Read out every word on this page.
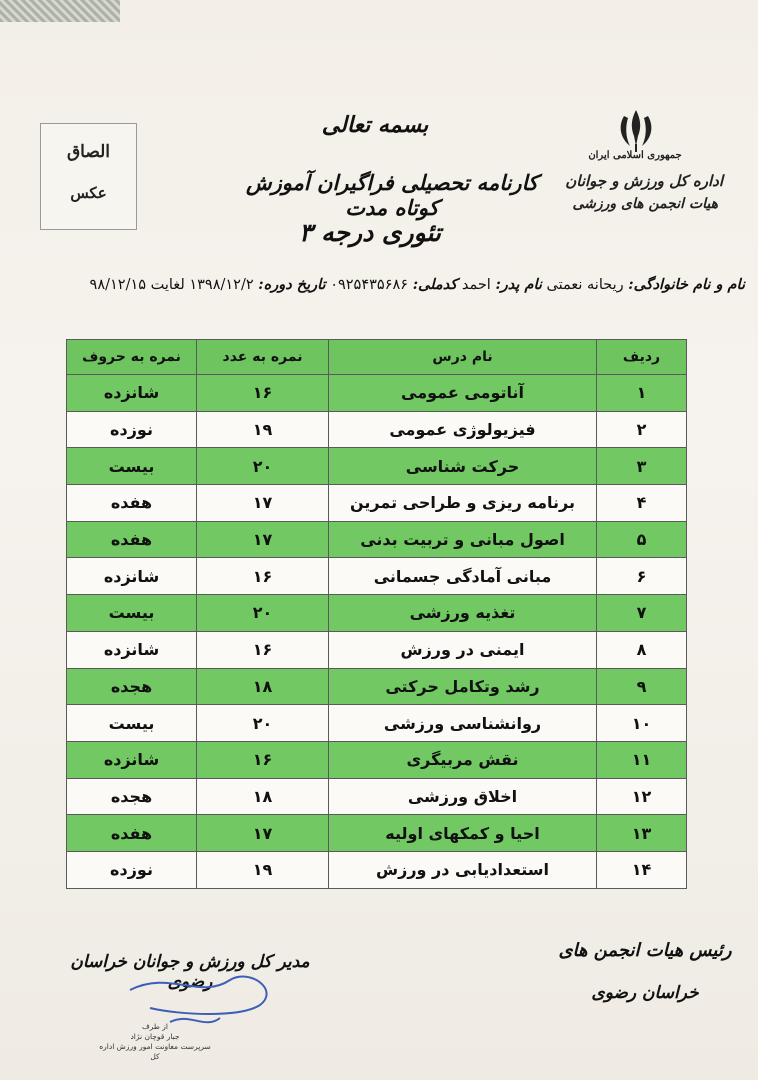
الصاق
عکس
جمهوری اسلامی ایران
اداره کل ورزش و جوانان
هیات انجمن های ورزشی
بسمه تعالی
کارنامه تحصیلی فراگیران آموزش کوتاه مدت
تئوری درجه ۳
نام و نام خانوادگی: ریحانه نعمتی نام پدر: احمد کدملی: ۰۹۲۵۴۳۵۶۸۶ تاریخ دوره: ۱۳۹۸/۱۲/۲ لغایت ۹۸/۱۲/۱۵
ردیف	نام درس	نمره به عدد	نمره به حروف
۱	آناتومی عمومی	۱۶	شانزده
۲	فیزیولوژی عمومی	۱۹	نوزده
۳	حرکت شناسی	۲۰	بیست
۴	برنامه ریزی و طراحی تمرین	۱۷	هفده
۵	اصول مبانی و تربیت بدنی	۱۷	هفده
۶	مبانی آمادگی جسمانی	۱۶	شانزده
۷	تغذیه ورزشی	۲۰	بیست
۸	ایمنی در ورزش	۱۶	شانزده
۹	رشد وتکامل حرکتی	۱۸	هجده
۱۰	روانشناسی ورزشی	۲۰	بیست
۱۱	نقش مربیگری	۱۶	شانزده
۱۲	اخلاق ورزشی	۱۸	هجده
۱۳	احیا و کمکهای اولیه	۱۷	هفده
۱۴	استعدادیابی در ورزش	۱۹	نوزده
رئیس هیات انجمن های
خراسان رضوی
مدیر کل ورزش و جوانان خراسان رضوی
از طرف
جبار قوچان نژاد
سرپرست معاونت امور ورزش اداره کل
